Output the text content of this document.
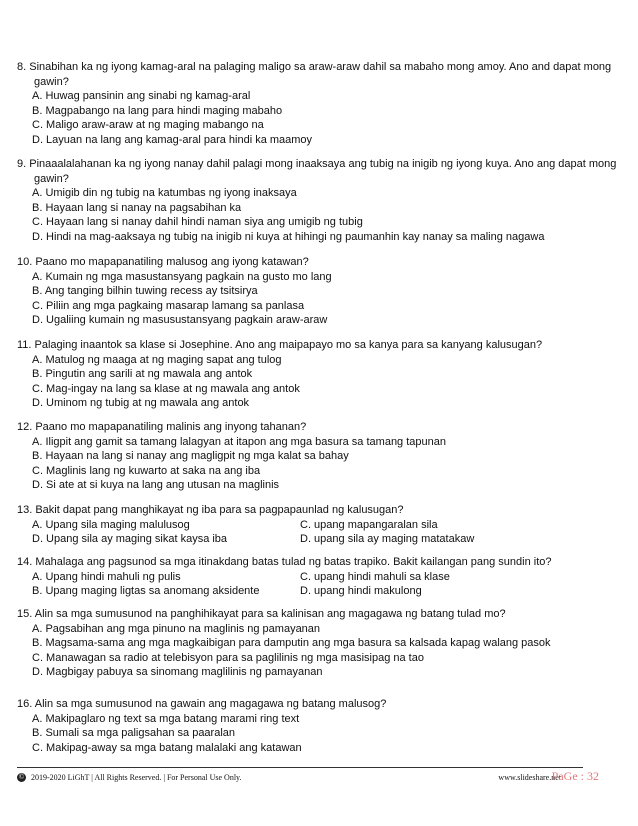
8. Sinabihan ka ng iyong kamag-aral na palaging maligo sa araw-araw dahil sa mabaho mong amoy. Ano and dapat mong gawin?

A. Huwag pansinin ang sinabi ng kamag-aral

B. Magpabango na lang para hindi maging mabaho

C. Maligo araw-araw at ng maging mabango na

D. Layuan na lang ang kamag-aral para hindi ka maamoy

9. Pinaaalalahanan ka ng iyong nanay dahil palagi mong inaaksaya ang tubig na inigib ng iyong kuya. Ano ang dapat mong gawin?

A. Umigib din ng tubig na katumbas ng iyong inaksaya

B. Hayaan lang si nanay na pagsabihan ka

C. Hayaan lang si nanay dahil hindi naman siya ang umigib ng tubig

D. Hindi na mag-aaksaya ng tubig na inigib ni kuya at hihingi ng paumanhin kay nanay sa maling nagawa

10. Paano mo mapapanatiling malusog ang iyong katawan?

A. Kumain ng mga masustansyang pagkain na gusto mo lang

B. Ang tanging bilhin tuwing recess ay tsitsirya

C. Piliin ang mga pagkaing masarap lamang sa panlasa

D. Ugaliing kumain ng masusustansyang pagkain araw-araw

11. Palaging inaantok sa klase si Josephine. Ano ang maipapayo mo sa kanya para sa kanyang kalusugan?

A. Matulog ng maaga at ng maging sapat ang tulog

B. Pingutin ang sarili at ng mawala ang antok

C. Mag-ingay na lang sa klase at ng mawala ang antok

D. Uminom ng tubig at ng mawala ang antok

12. Paano mo mapapanatiling malinis ang inyong tahanan?

A. Iligpit ang gamit sa tamang lalagyan at itapon ang mga basura sa tamang tapunan

B. Hayaan na lang si nanay ang magligpit ng mga kalat sa bahay

C. Maglinis lang ng kuwarto at saka na ang iba

D. Si ate at si kuya na lang ang utusan na maglinis

13. Bakit dapat pang manghikayat ng iba para sa pagpapaunlad ng kalusugan?

A. Upang sila maging malulusog	C. upang mapangaralan sila

D. Upang sila ay maging sikat kaysa iba	D. upang sila ay maging matatakaw

14. Mahalaga ang pagsunod sa mga itinakdang batas tulad ng batas trapiko. Bakit kailangan pang sundin ito?

A. Upang hindi mahuli ng pulis	C. upang hindi mahuli sa klase

B. Upang maging ligtas sa anomang aksidente	D. upang hindi makulong

15. Alin sa mga sumusunod na panghihikayat para sa kalinisan ang magagawa ng batang tulad mo?

A. Pagsabihan ang mga pinuno na maglinis ng pamayanan

B. Magsama-sama ang mga magkaibigan para damputin ang mga basura sa kalsada kapag walang pasok

C. Manawagan sa radio at telebisyon para sa paglilinis ng mga masisipag na tao

D. Magbigay pabuya sa sinomang maglilinis ng pamayanan

16. Alin sa mga sumusunod na gawain ang magagawa ng batang malusog?

A. Makipaglaro ng text sa mga batang marami ring text

B. Sumali sa mga paligsahan sa paaralan

C. Makipag-away sa mga batang malalaki ang katawan

© 2019-2020 LiGhT | All Rights Reserved. | For Personal Use Only.	www.slideshare.net
PaGe : 32
